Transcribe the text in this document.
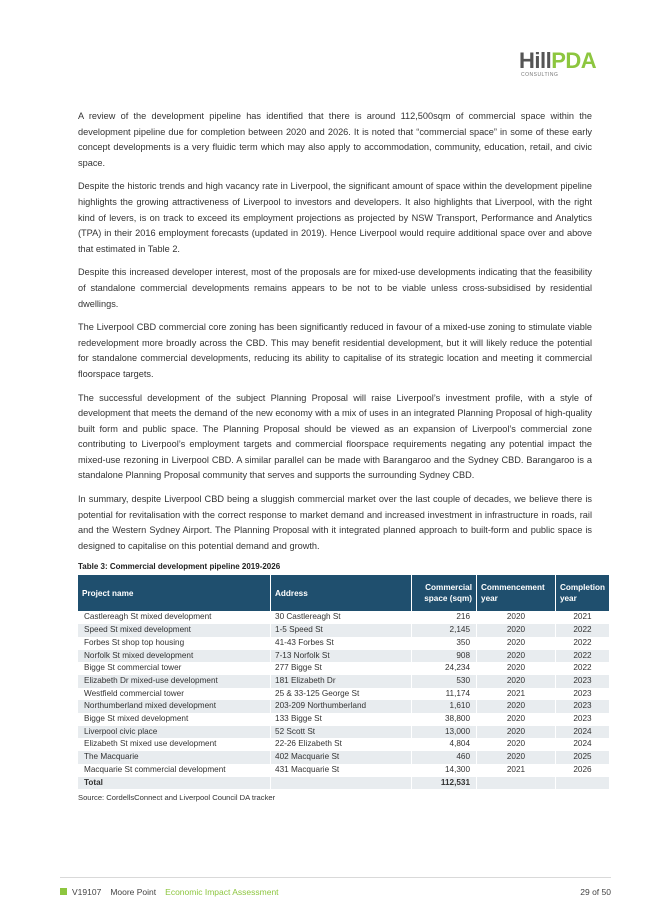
HillPDA
CONSULTING

A review of the development pipeline has identified that there is around 112,500sqm of commercial space within the development pipeline due for completion between 2020 and 2026. It is noted that “commercial space” in some of these early concept developments is a very fluidic term which may also apply to accommodation, community, education, retail, and civic space.

Despite the historic trends and high vacancy rate in Liverpool, the significant amount of space within the development pipeline highlights the growing attractiveness of Liverpool to investors and developers. It also highlights that Liverpool, with the right kind of levers, is on track to exceed its employment projections as projected by NSW Transport, Performance and Analytics (TPA) in their 2016 employment forecasts (updated in 2019). Hence Liverpool would require additional space over and above that estimated in Table 2.

Despite this increased developer interest, most of the proposals are for mixed-use developments indicating that the feasibility of standalone commercial developments remains appears to be not to be viable unless cross-subsidised by residential dwellings.

The Liverpool CBD commercial core zoning has been significantly reduced in favour of a mixed-use zoning to stimulate viable redevelopment more broadly across the CBD. This may benefit residential development, but it will likely reduce the potential for standalone commercial developments, reducing its ability to capitalise of its strategic location and meeting it commercial floorspace targets.

The successful development of the subject Planning Proposal will raise Liverpool’s investment profile, with a style of development that meets the demand of the new economy with a mix of uses in an integrated Planning Proposal of high-quality built form and public space. The Planning Proposal should be viewed as an expansion of Liverpool’s commercial zone contributing to Liverpool’s employment targets and commercial floorspace requirements negating any potential impact the mixed-use rezoning in Liverpool CBD. A similar parallel can be made with Barangaroo and the Sydney CBD. Barangaroo is a standalone Planning Proposal community that serves and supports the surrounding Sydney CBD.

In summary, despite Liverpool CBD being a sluggish commercial market over the last couple of decades, we believe there is potential for revitalisation with the correct response to market demand and increased investment in infrastructure in roads, rail and the Western Sydney Airport. The Planning Proposal with it integrated planned approach to built-form and public space is designed to capitalise on this potential demand and growth.

Table 3: Commercial development pipeline 2019-2026
Project name	Address	Commercial space (sqm)	Commencement year	Completion year
Castlereagh St mixed development	30 Castlereagh St	216	2020	2021
Speed St mixed development	1-5 Speed St	2,145	2020	2022
Forbes St shop top housing	41-43 Forbes St	350	2020	2022
Norfolk St mixed development	7-13 Norfolk St	908	2020	2022
Bigge St commercial tower	277 Bigge St	24,234	2020	2022
Elizabeth Dr mixed-use development	181 Elizabeth Dr	530	2020	2023
Westfield commercial tower	25 & 33-125 George St	11,174	2021	2023
Northumberland mixed development	203-209 Northumberland	1,610	2020	2023
Bigge St mixed development	133 Bigge St	38,800	2020	2023
Liverpool civic place	52 Scott St	13,000	2020	2024
Elizabeth St mixed use development	22-26 Elizabeth St	4,804	2020	2024
The Macquarie	402 Macquarie St	460	2020	2025
Macquarie St commercial development	431 Macquarie St	14,300	2021	2026
Total		112,531		
Source: CordellsConnect and Liverpool Council DA tracker
V19107 Moore Point Economic Impact Assessment	29 of 50
